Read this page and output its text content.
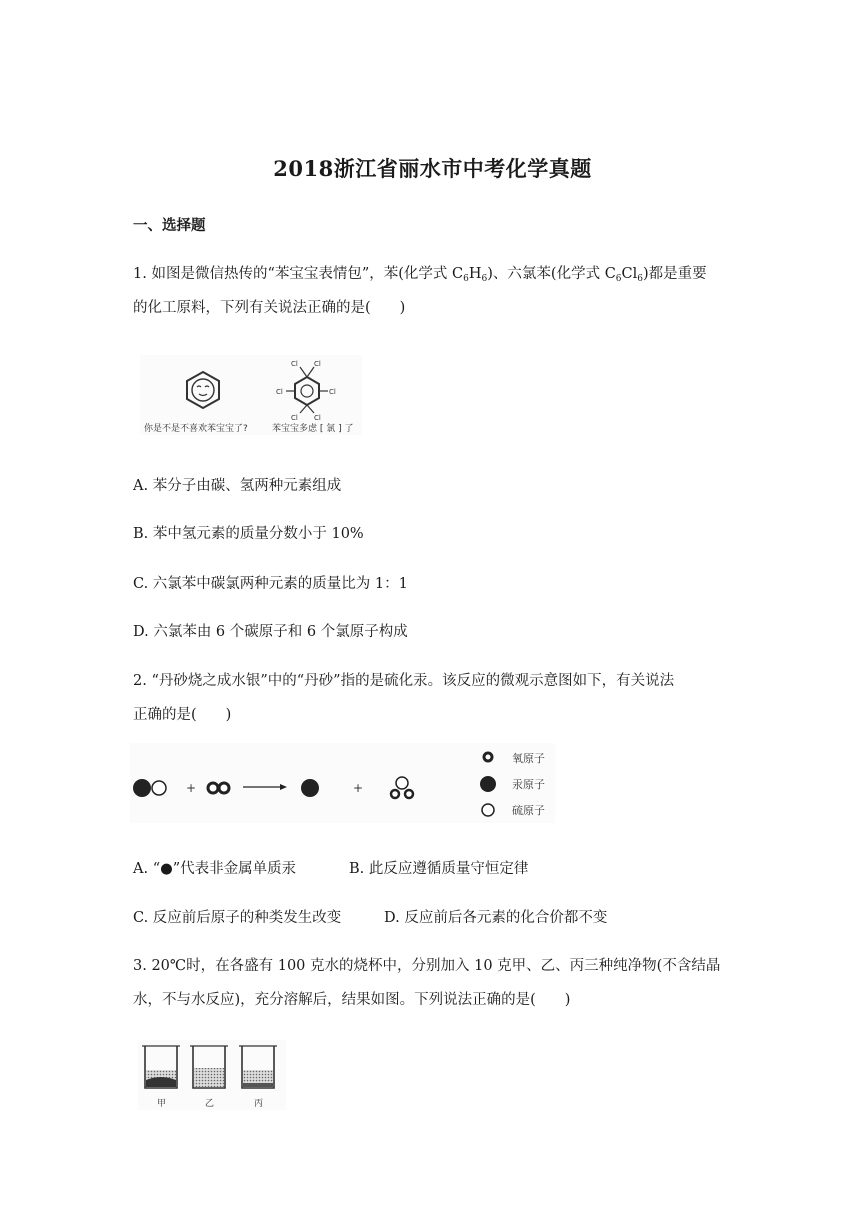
2018浙江省丽水市中考化学真题
一、选择题
1. 如图是微信热传的“苯宝宝表情包”，苯(化学式 $C_6H_6$)、六氯苯(化学式 $C_6Cl_6$)都是重要
的化工原料，下列有关说法正确的是(　　)
Cl Cl
Cl
Cl
Cl Cl
你是不是不喜欢苯宝宝了?	苯宝宝多虑 [ 氯 ] 了
A. 苯分子由碳、氢两种元素组成
B. 苯中氢元素的质量分数小于 10%
C. 六氯苯中碳氯两种元素的质量比为 1：1
D. 六氯苯由 6 个碳原子和 6 个氯原子构成
2. “丹砂烧之成水银”中的“丹砂”指的是硫化汞。该反应的微观示意图如下，有关说法
正确的是(　　)
+	+
氧原子
汞原子
硫原子
A. “●”代表非金属单质汞	B. 此反应遵循质量守恒定律
C. 反应前后原子的种类发生改变	D. 反应前后各元素的化合价都不变
3. 20℃时，在各盛有 100 克水的烧杯中，分别加入 10 克甲、乙、丙三种纯净物(不含结晶
水，不与水反应)，充分溶解后，结果如图。下列说法正确的是(　　)
甲	乙	丙
